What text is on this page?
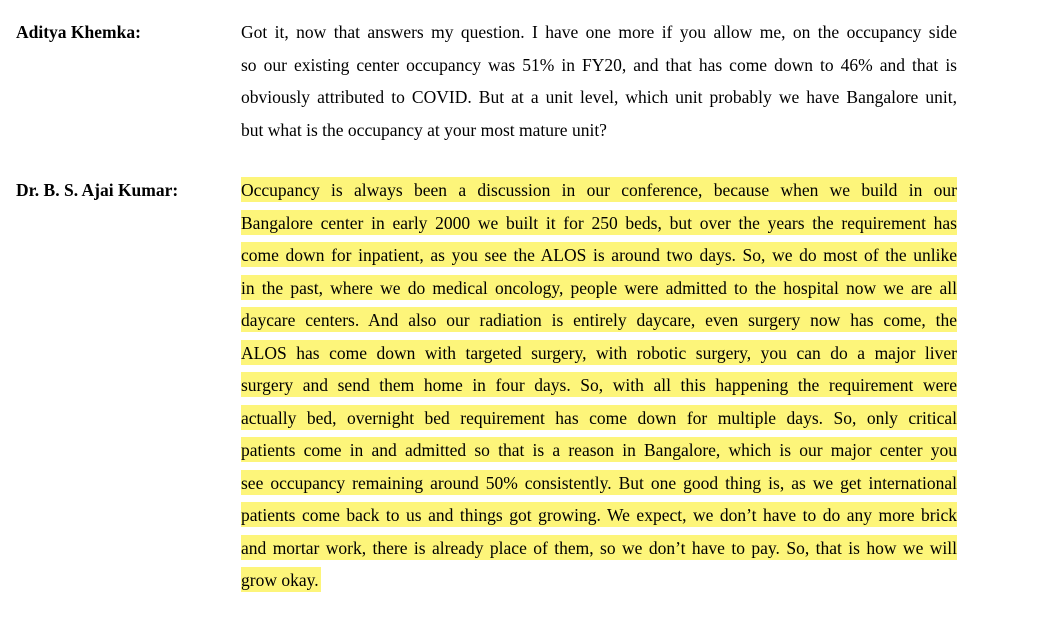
Aditya Khemka:	Got it, now that answers my question. I have one more if you allow me, on the occupancy side
so our existing center occupancy was 51% in FY20, and that has come down to 46% and that is
obviously attributed to COVID. But at a unit level, which unit probably we have Bangalore unit,
but what is the occupancy at your most mature unit?
Dr. B. S. Ajai Kumar:	Occupancy is always been a discussion in our conference, because when we build in our
Bangalore center in early 2000 we built it for 250 beds, but over the years the requirement has
come down for inpatient, as you see the ALOS is around two days. So, we do most of the unlike
in the past, where we do medical oncology, people were admitted to the hospital now we are all
daycare centers. And also our radiation is entirely daycare, even surgery now has come, the
ALOS has come down with targeted surgery, with robotic surgery, you can do a major liver
surgery and send them home in four days. So, with all this happening the requirement were
actually bed, overnight bed requirement has come down for multiple days. So, only critical
patients come in and admitted so that is a reason in Bangalore, which is our major center you
see occupancy remaining around 50% consistently. But one good thing is, as we get international
patients come back to us and things got growing. We expect, we don’t have to do any more brick
and mortar work, there is already place of them, so we don’t have to pay. So, that is how we will
grow okay.
